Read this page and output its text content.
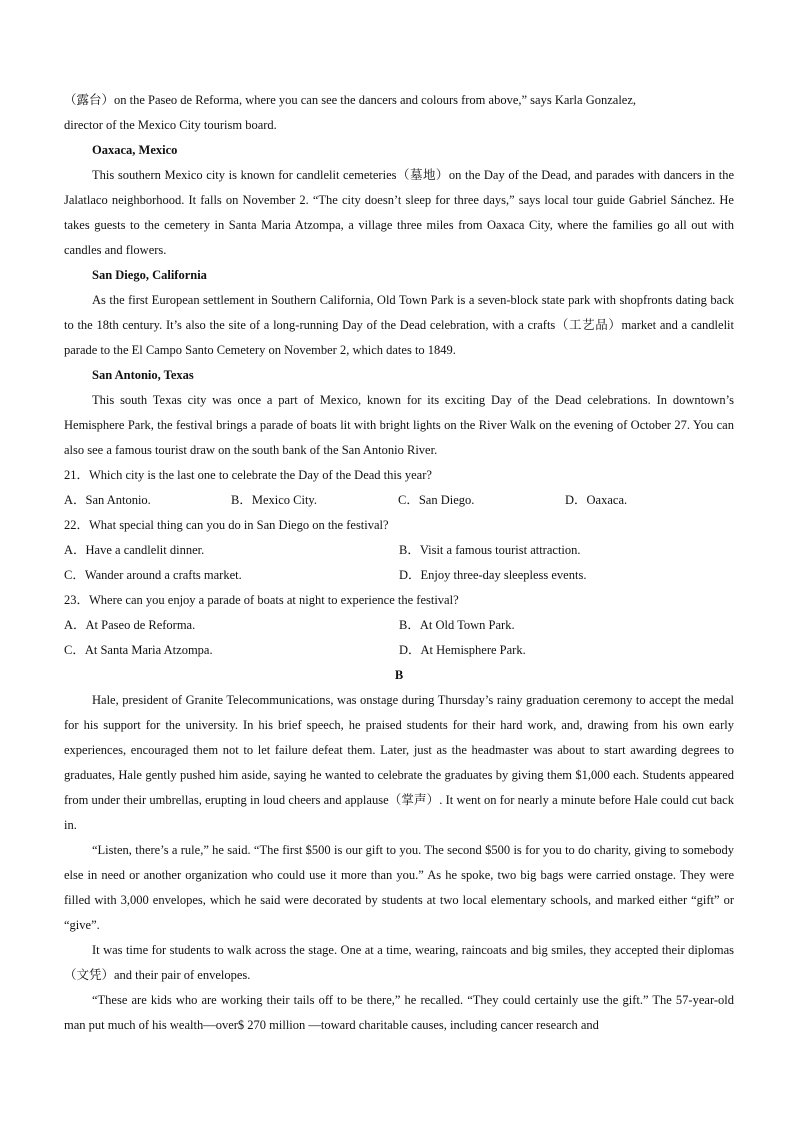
（露台）on the Paseo de Reforma, where you can see the dancers and colours from above,” says Karla Gonzalez,
director of the Mexico City tourism board.
Oaxaca, Mexico

This southern Mexico city is known for candlelit cemeteries（墓地）on the Day of the Dead, and parades with dancers in the Jalatlaco neighborhood. It falls on November 2. “The city doesn’t sleep for three days,” says local tour guide Gabriel Sánchez. He takes guests to the cemetery in Santa Maria Atzompa, a village three miles from Oaxaca City, where the families go all out with candles and flowers.

San Diego, California

As the first European settlement in Southern California, Old Town Park is a seven-block state park with shopfronts dating back to the 18th century. It’s also the site of a long-running Day of the Dead celebration, with a crafts（工艺品）market and a candlelit parade to the El Campo Santo Cemetery on November 2, which dates to 1849.

San Antonio, Texas

This south Texas city was once a part of Mexico, known for its exciting Day of the Dead celebrations. In downtown’s Hemisphere Park, the festival brings a parade of boats lit with bright lights on the River Walk on the evening of October 27. You can also see a famous tourist draw on the south bank of the San Antonio River.

21．Which city is the last one to celebrate the Day of the Dead this year?
A．San Antonio.	B．Mexico City.	C．San Diego.	D．Oaxaca.
22．What special thing can you do in San Diego on the festival?
A．Have a candlelit dinner.	B．Visit a famous tourist attraction.
C．Wander around a crafts market.	D．Enjoy three-day sleepless events.
23．Where can you enjoy a parade of boats at night to experience the festival?
A．At Paseo de Reforma.	B．At Old Town Park.
C．At Santa Maria Atzompa.	D．At Hemisphere Park.
B

Hale, president of Granite Telecommunications, was onstage during Thursday’s rainy graduation ceremony to accept the medal for his support for the university. In his brief speech, he praised students for their hard work, and, drawing from his own early experiences, encouraged them not to let failure defeat them. Later, just as the headmaster was about to start awarding degrees to graduates, Hale gently pushed him aside, saying he wanted to celebrate the graduates by giving them $1,000 each. Students appeared from under their umbrellas, erupting in loud cheers and applause（掌声）. It went on for nearly a minute before Hale could cut back in.

“Listen, there’s a rule,” he said. “The first $500 is our gift to you. The second $500 is for you to do charity, giving to somebody else in need or another organization who could use it more than you.” As he spoke, two big bags were carried onstage. They were filled with 3,000 envelopes, which he said were decorated by students at two local elementary schools, and marked either “gift” or “give”.

It was time for students to walk across the stage. One at a time, wearing, raincoats and big smiles, they accepted their diplomas（文凭）and their pair of envelopes.

“These are kids who are working their tails off to be there,” he recalled. “They could certainly use the gift.” The 57-year-old man put much of his wealth—over$ 270 million —toward charitable causes, including cancer research and
